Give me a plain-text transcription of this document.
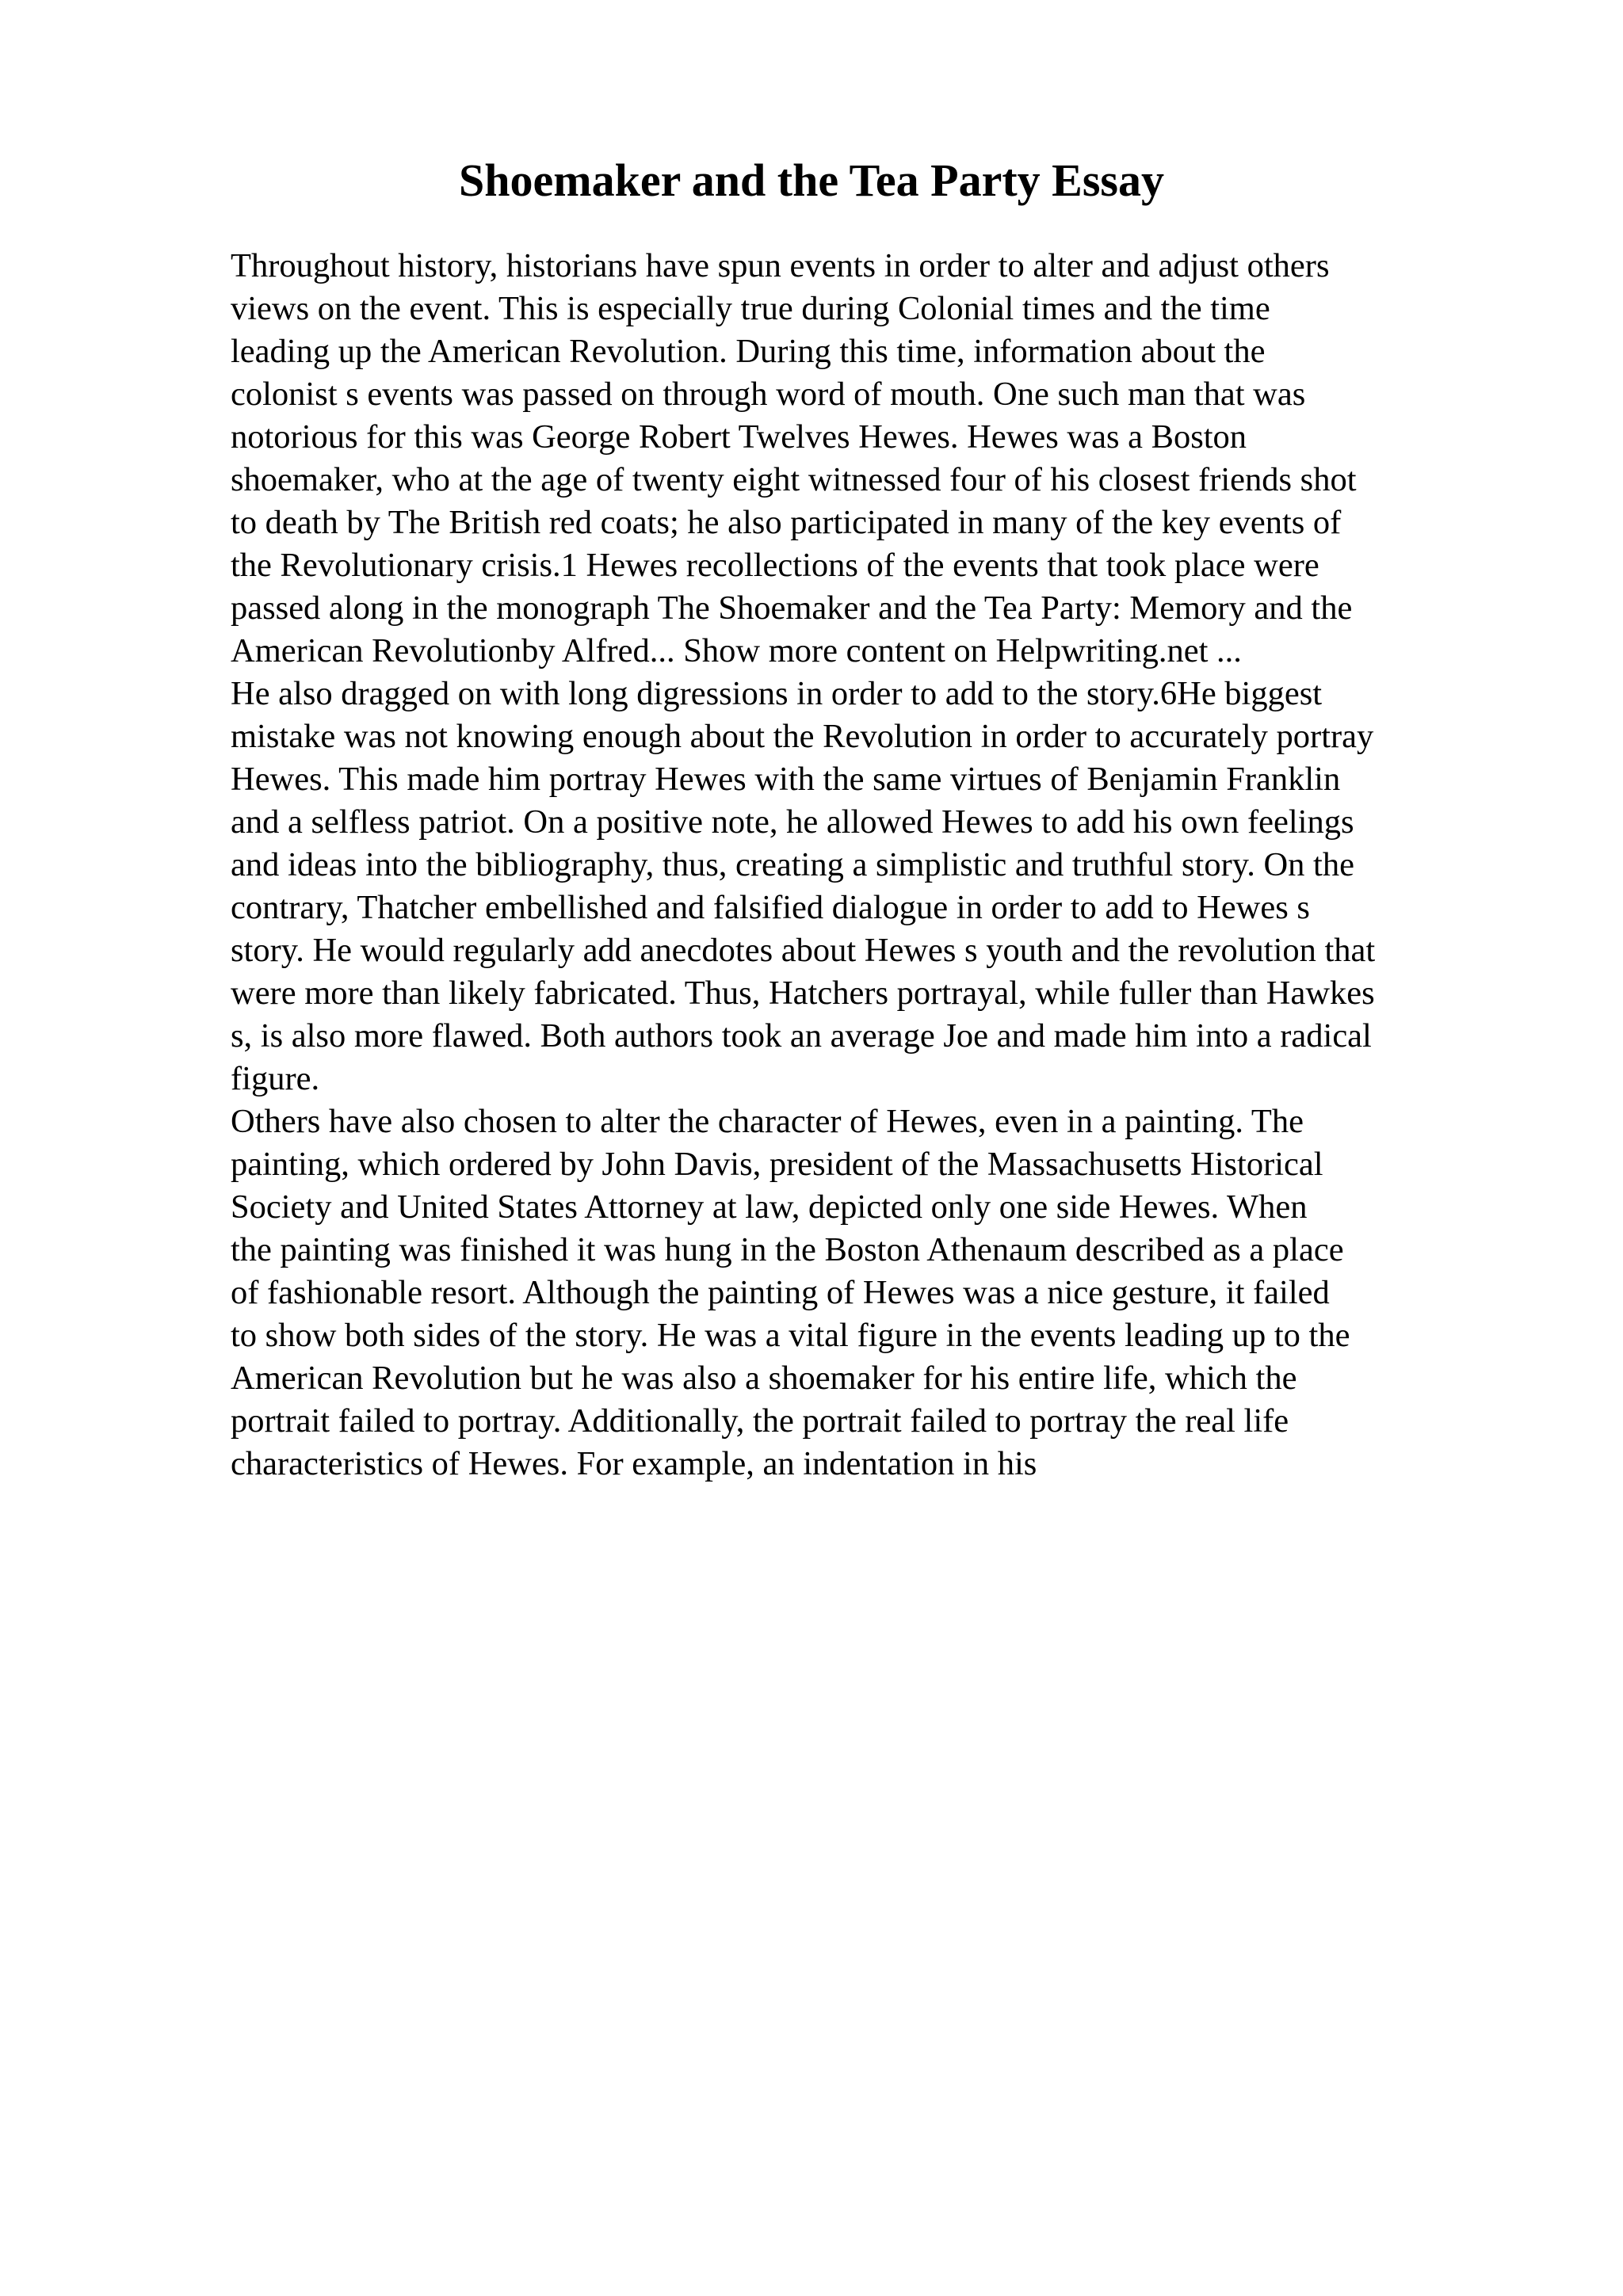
Shoemaker and the Tea Party Essay
Throughout history, historians have spun events in order to alter and adjust others
views on the event. This is especially true during Colonial times and the time
leading up the American Revolution. During this time, information about the
colonist s events was passed on through word of mouth. One such man that was
notorious for this was George Robert Twelves Hewes. Hewes was a Boston
shoemaker, who at the age of twenty eight witnessed four of his closest friends shot
to death by The British red coats; he also participated in many of the key events of
the Revolutionary crisis.1 Hewes recollections of the events that took place were
passed along in the monograph The Shoemaker and the Tea Party: Memory and the
American Revolutionby Alfred... Show more content on Helpwriting.net ...
He also dragged on with long digressions in order to add to the story.6He biggest
mistake was not knowing enough about the Revolution in order to accurately portray
Hewes. This made him portray Hewes with the same virtues of Benjamin Franklin
and a selfless patriot. On a positive note, he allowed Hewes to add his own feelings
and ideas into the bibliography, thus, creating a simplistic and truthful story. On the
contrary, Thatcher embellished and falsified dialogue in order to add to Hewes s
story. He would regularly add anecdotes about Hewes s youth and the revolution that
were more than likely fabricated. Thus, Hatchers portrayal, while fuller than Hawkes
s, is also more flawed. Both authors took an average Joe and made him into a radical
figure.
Others have also chosen to alter the character of Hewes, even in a painting. The
painting, which ordered by John Davis, president of the Massachusetts Historical
Society and United States Attorney at law, depicted only one side Hewes. When
the painting was finished it was hung in the Boston Athenaum described as a place
of fashionable resort. Although the painting of Hewes was a nice gesture, it failed
to show both sides of the story. He was a vital figure in the events leading up to the
American Revolution but he was also a shoemaker for his entire life, which the
portrait failed to portray. Additionally, the portrait failed to portray the real life
characteristics of Hewes. For example, an indentation in his
